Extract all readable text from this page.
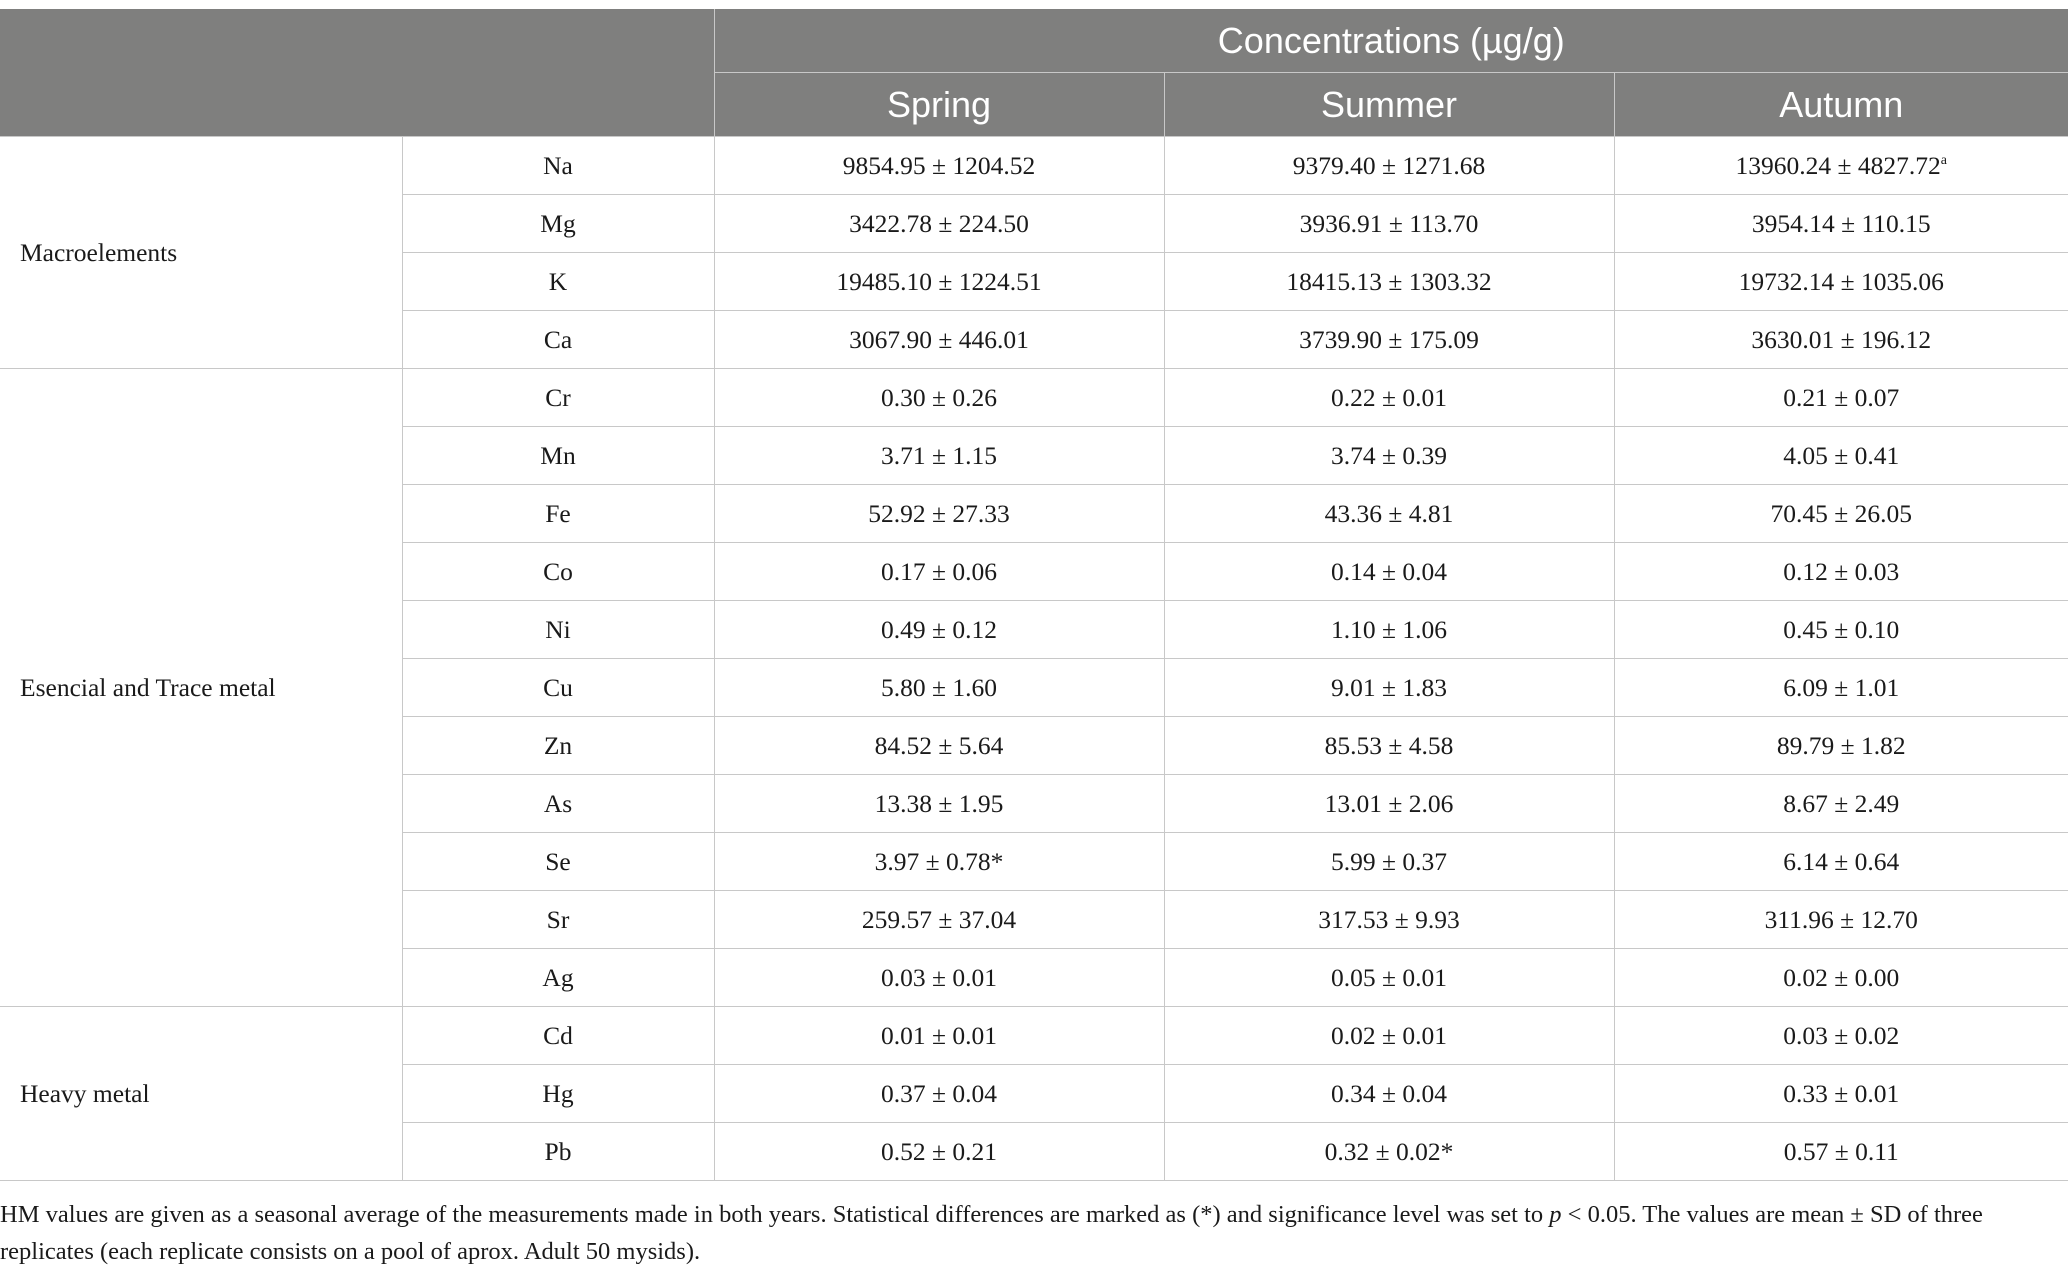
		Concentrations (µg/g)		
		Spring	Summer	Autumn
Macroelements	Na	9854.95 ± 1204.52	9379.40 ± 1271.68	13960.24 ± 4827.72$^a$
	Mg	3422.78 ± 224.50	3936.91 ± 113.70	3954.14 ± 110.15
	K	19485.10 ± 1224.51	18415.13 ± 1303.32	19732.14 ± 1035.06
	Ca	3067.90 ± 446.01	3739.90 ± 175.09	3630.01 ± 196.12
Esencial and Trace metal	Cr	0.30 ± 0.26	0.22 ± 0.01	0.21 ± 0.07
	Mn	3.71 ± 1.15	3.74 ± 0.39	4.05 ± 0.41
	Fe	52.92 ± 27.33	43.36 ± 4.81	70.45 ± 26.05
	Co	0.17 ± 0.06	0.14 ± 0.04	0.12 ± 0.03
	Ni	0.49 ± 0.12	1.10 ± 1.06	0.45 ± 0.10
	Cu	5.80 ± 1.60	9.01 ± 1.83	6.09 ± 1.01
	Zn	84.52 ± 5.64	85.53 ± 4.58	89.79 ± 1.82
	As	13.38 ± 1.95	13.01 ± 2.06	8.67 ± 2.49
	Se	3.97 ± 0.78*	5.99 ± 0.37	6.14 ± 0.64
	Sr	259.57 ± 37.04	317.53 ± 9.93	311.96 ± 12.70
	Ag	0.03 ± 0.01	0.05 ± 0.01	0.02 ± 0.00
Heavy metal	Cd	0.01 ± 0.01	0.02 ± 0.01	0.03 ± 0.02
	Hg	0.37 ± 0.04	0.34 ± 0.04	0.33 ± 0.01
	Pb	0.52 ± 0.21	0.32 ± 0.02*	0.57 ± 0.11
HM values are given as a seasonal average of the measurements made in both years. Statistical differences are marked as (*) and significance level was set to p < 0.05. The values are mean ± SD of three replicates (each replicate consists on a pool of aprox. Adult 50 mysids).
